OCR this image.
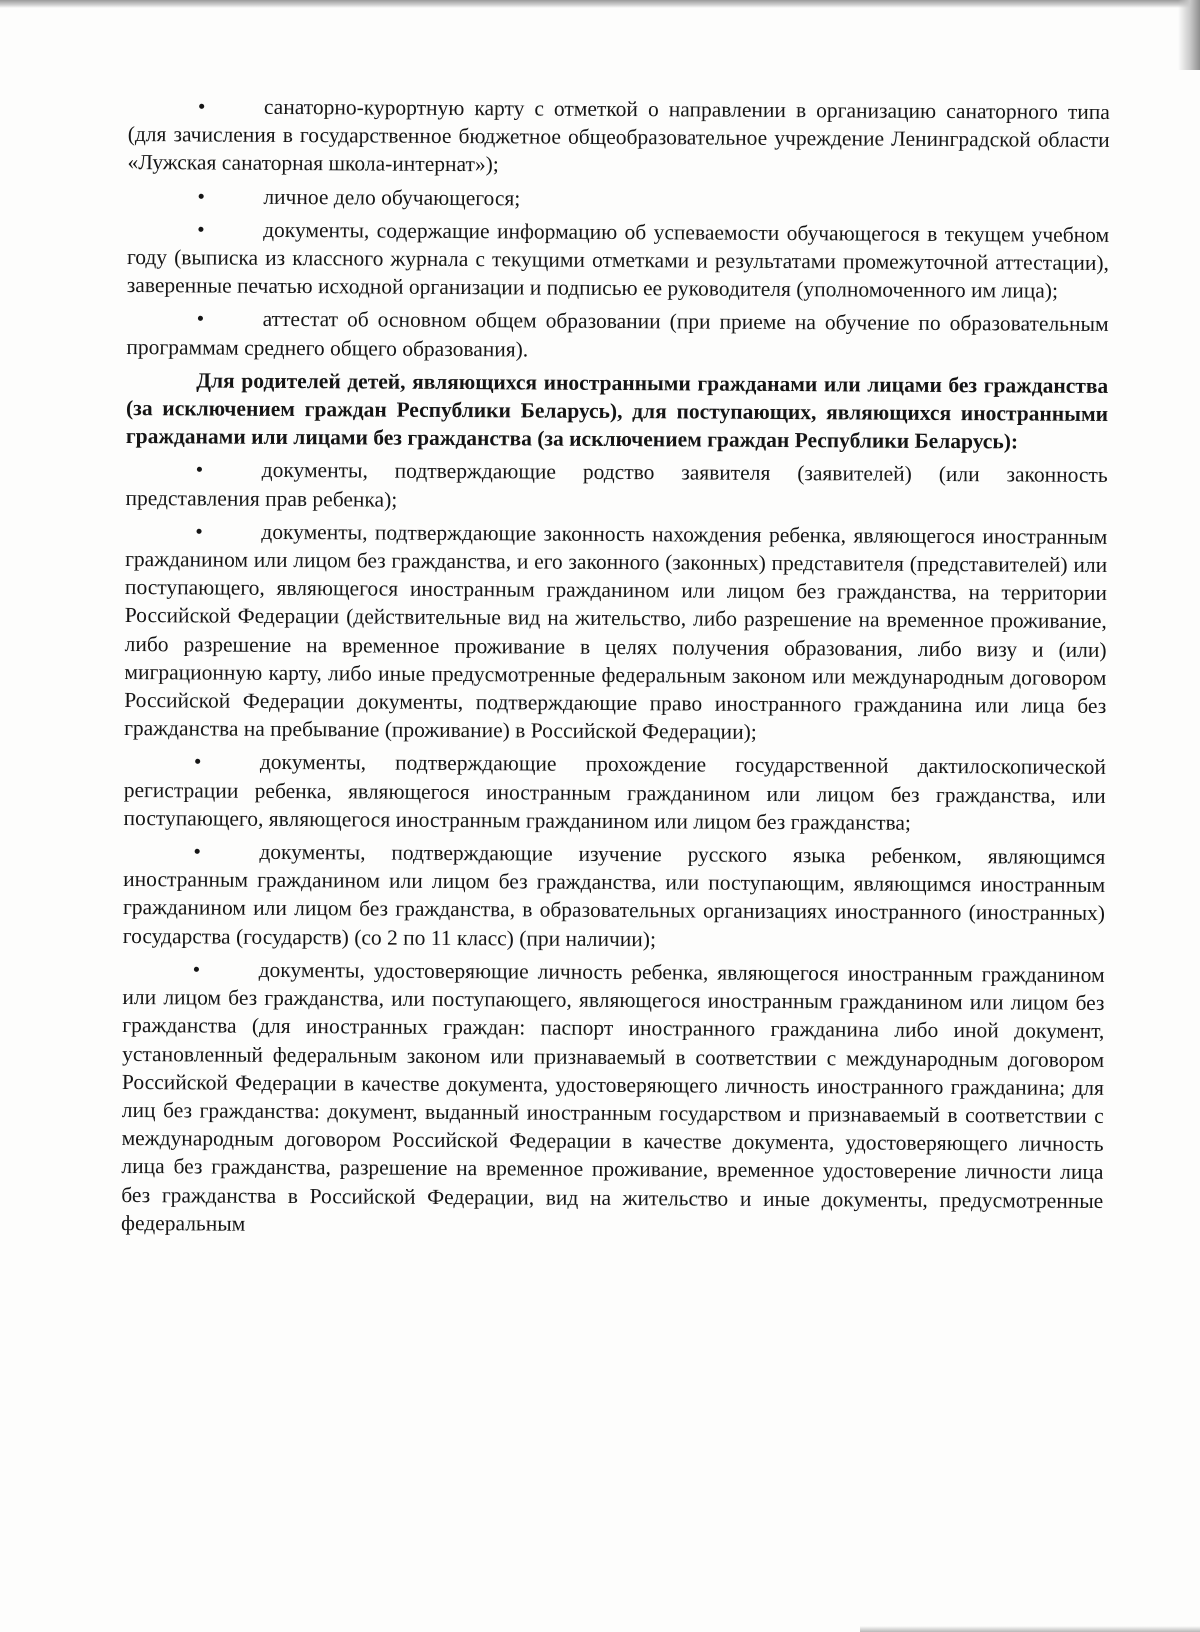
•	санаторно-курортную карту с отметкой о направлении в организацию санаторного типа (для зачисления в государственное бюджетное общеобразовательное учреждение Ленинградской области «Лужская санаторная школа-интернат»);

•	личное дело обучающегося;

•	документы, содержащие информацию об успеваемости обучающегося в текущем учебном году (выписка из классного журнала с текущими отметками и результатами промежуточной аттестации), заверенные печатью исходной организации и подписью ее руководителя (уполномоченного им лица);

•	аттестат об основном общем образовании (при приеме на обучение по образовательным программам среднего общего образования).

Для родителей детей, являющихся иностранными гражданами или лицами без гражданства (за исключением граждан Республики Беларусь), для поступающих, являющихся иностранными гражданами или лицами без гражданства (за исключением граждан Республики Беларусь):

•	документы, подтверждающие родство заявителя (заявителей) (или законность представления прав ребенка);

•	документы, подтверждающие законность нахождения ребенка, являющегося иностранным гражданином или лицом без гражданства, и его законного (законных) представителя (представителей) или поступающего, являющегося иностранным гражданином или лицом без гражданства, на территории Российской Федерации (действительные вид на жительство, либо разрешение на временное проживание, либо разрешение на временное проживание в целях получения образования, либо визу и (или) миграционную карту, либо иные предусмотренные федеральным законом или международным договором Российской Федерации документы, подтверждающие право иностранного гражданина или лица без гражданства на пребывание (проживание) в Российской Федерации);

•	документы, подтверждающие прохождение государственной дактилоскопической регистрации ребенка, являющегося иностранным гражданином или лицом без гражданства, или поступающего, являющегося иностранным гражданином или лицом без гражданства;

•	документы, подтверждающие изучение русского языка ребенком, являющимся иностранным гражданином или лицом без гражданства, или поступающим, являющимся иностранным гражданином или лицом без гражданства, в образовательных организациях иностранного (иностранных) государства (государств) (со 2 по 11 класс) (при наличии);

•	документы, удостоверяющие личность ребенка, являющегося иностранным гражданином или лицом без гражданства, или поступающего, являющегося иностранным гражданином или лицом без гражданства (для иностранных граждан: паспорт иностранного гражданина либо иной документ, установленный федеральным законом или признаваемый в соответствии с международным договором Российской Федерации в качестве документа, удостоверяющего личность иностранного гражданина; для лиц без гражданства: документ, выданный иностранным государством и признаваемый в соответствии с международным договором Российской Федерации в качестве документа, удостоверяющего личность лица без гражданства, разрешение на временное проживание, временное удостоверение личности лица без гражданства в Российской Федерации, вид на жительство и иные документы, предусмотренные федеральным
